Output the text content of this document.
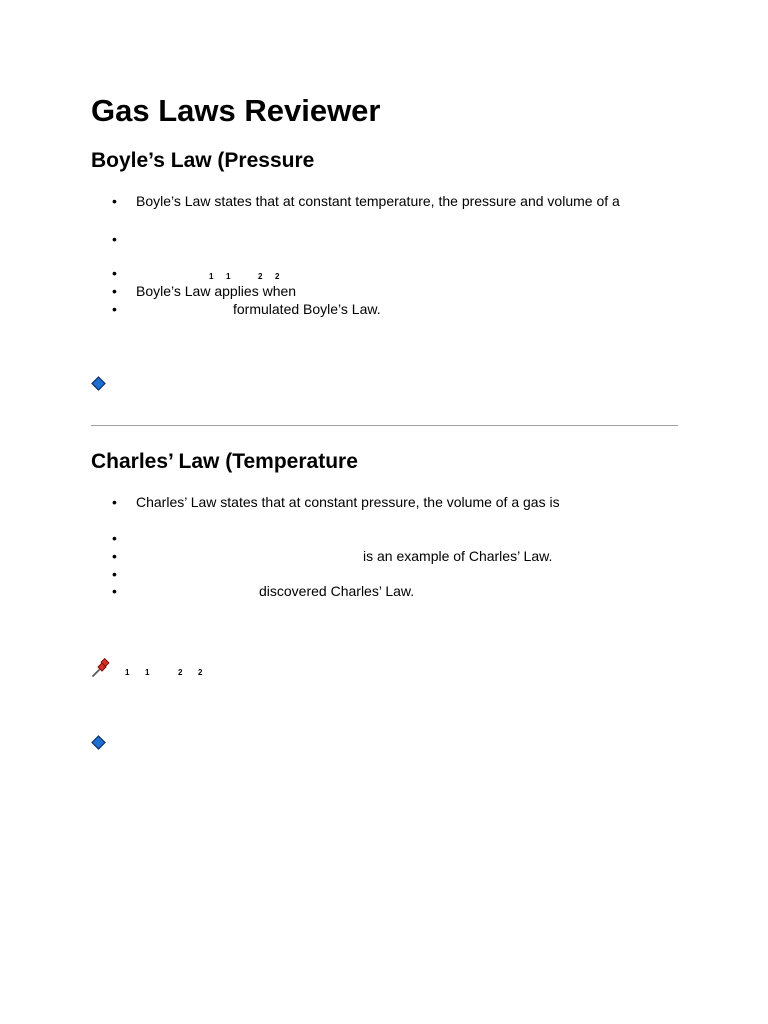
Gas Laws Reviewer
Boyle’s Law (Pressure
• Boyle’s Law states that at constant temperature, the pressure and volume of a
•
•	1 1	2 2
• Boyle’s Law applies when
•	formulated Boyle’s Law.
Charles’ Law (Temperature
• Charles’ Law states that at constant pressure, the volume of a gas is
•
•	is an example of Charles’ Law.
•
•	discovered Charles’ Law.
1 1	2 2
